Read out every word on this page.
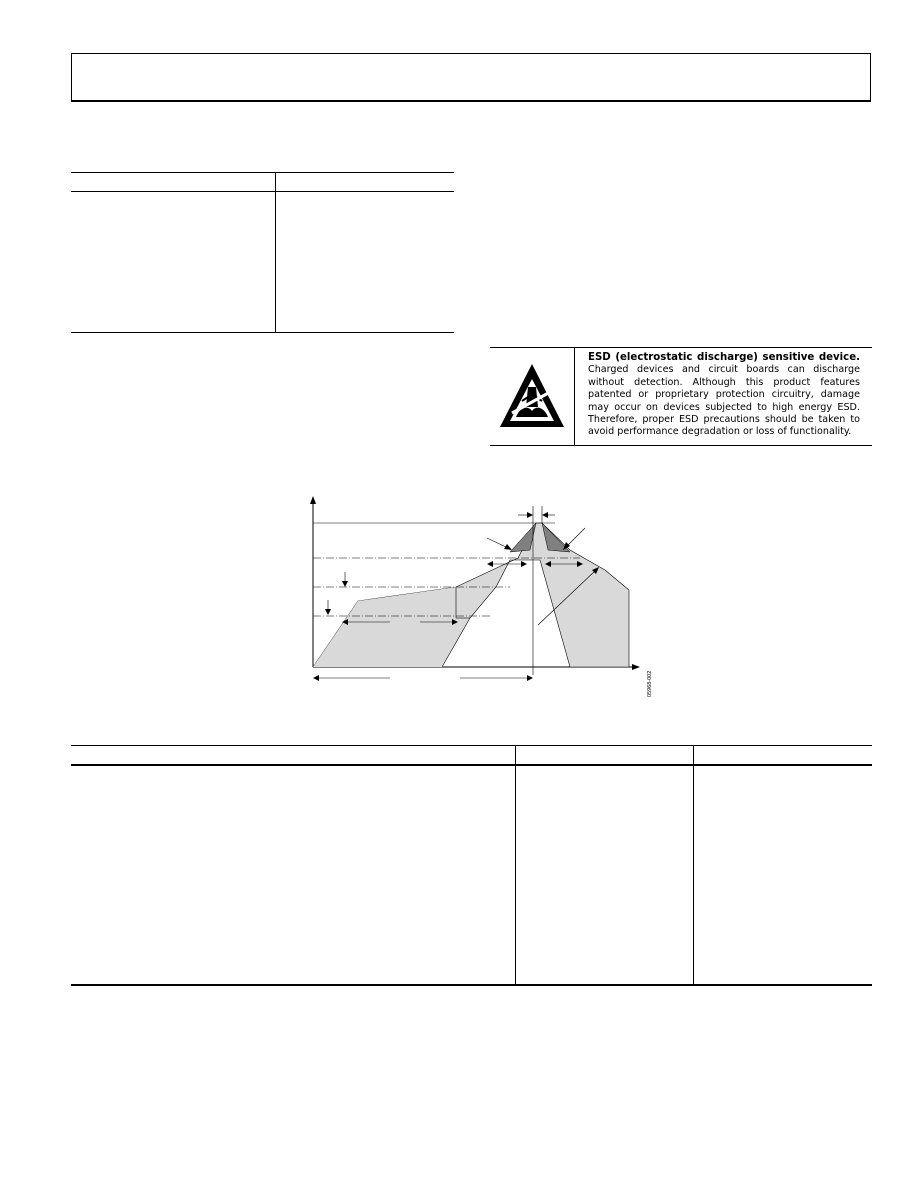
ESD (electrostatic discharge) sensitive device. Charged devices and circuit boards can discharge without detection. Although this product features patented or proprietary protection circuitry, damage may occur on devices subjected to high energy ESD. Therefore, proper ESD precautions should be taken to avoid performance degradation or loss of functionality.
05968-002
